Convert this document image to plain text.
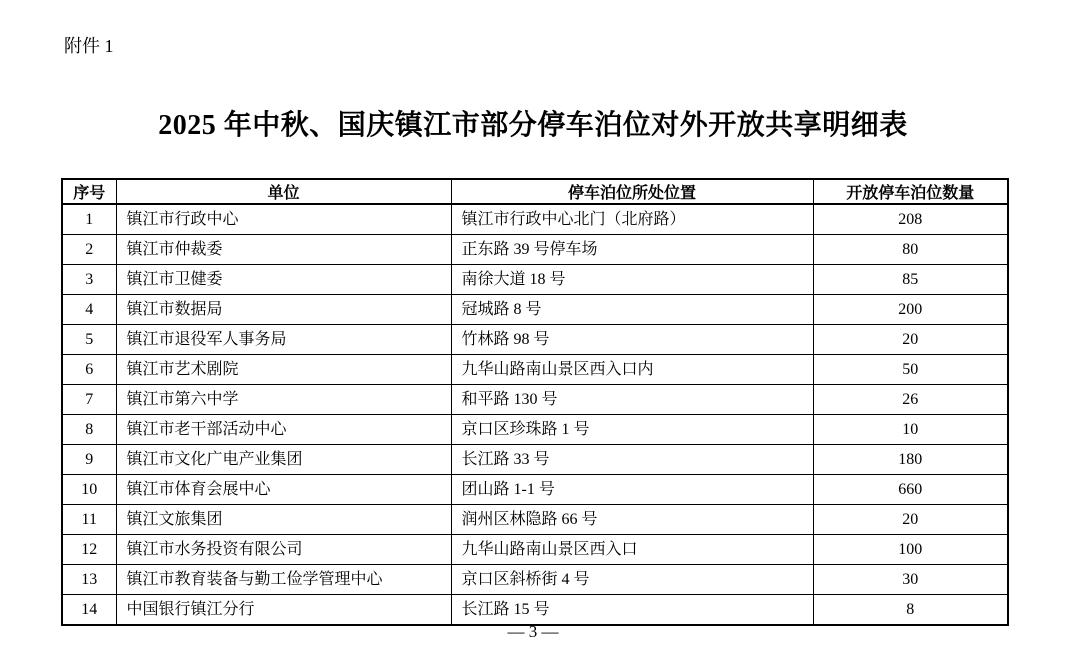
附件 1
2025 年中秋、国庆镇江市部分停车泊位对外开放共享明细表
序号	单位	停车泊位所处位置	开放停车泊位数量
1	镇江市行政中心	镇江市行政中心北门（北府路）	208
2	镇江市仲裁委	正东路 39 号停车场	80
3	镇江市卫健委	南徐大道 18 号	85
4	镇江市数据局	冠城路 8 号	200
5	镇江市退役军人事务局	竹林路 98 号	20
6	镇江市艺术剧院	九华山路南山景区西入口内	50
7	镇江市第六中学	和平路 130 号	26
8	镇江市老干部活动中心	京口区珍珠路 1 号	10
9	镇江市文化广电产业集团	长江路 33 号	180
10	镇江市体育会展中心	团山路 1-1 号	660
11	镇江文旅集团	润州区林隐路 66 号	20
12	镇江市水务投资有限公司	九华山路南山景区西入口	100
13	镇江市教育装备与勤工俭学管理中心	京口区斜桥街 4 号	30
14	中国银行镇江分行	长江路 15 号	8
— 3 —
